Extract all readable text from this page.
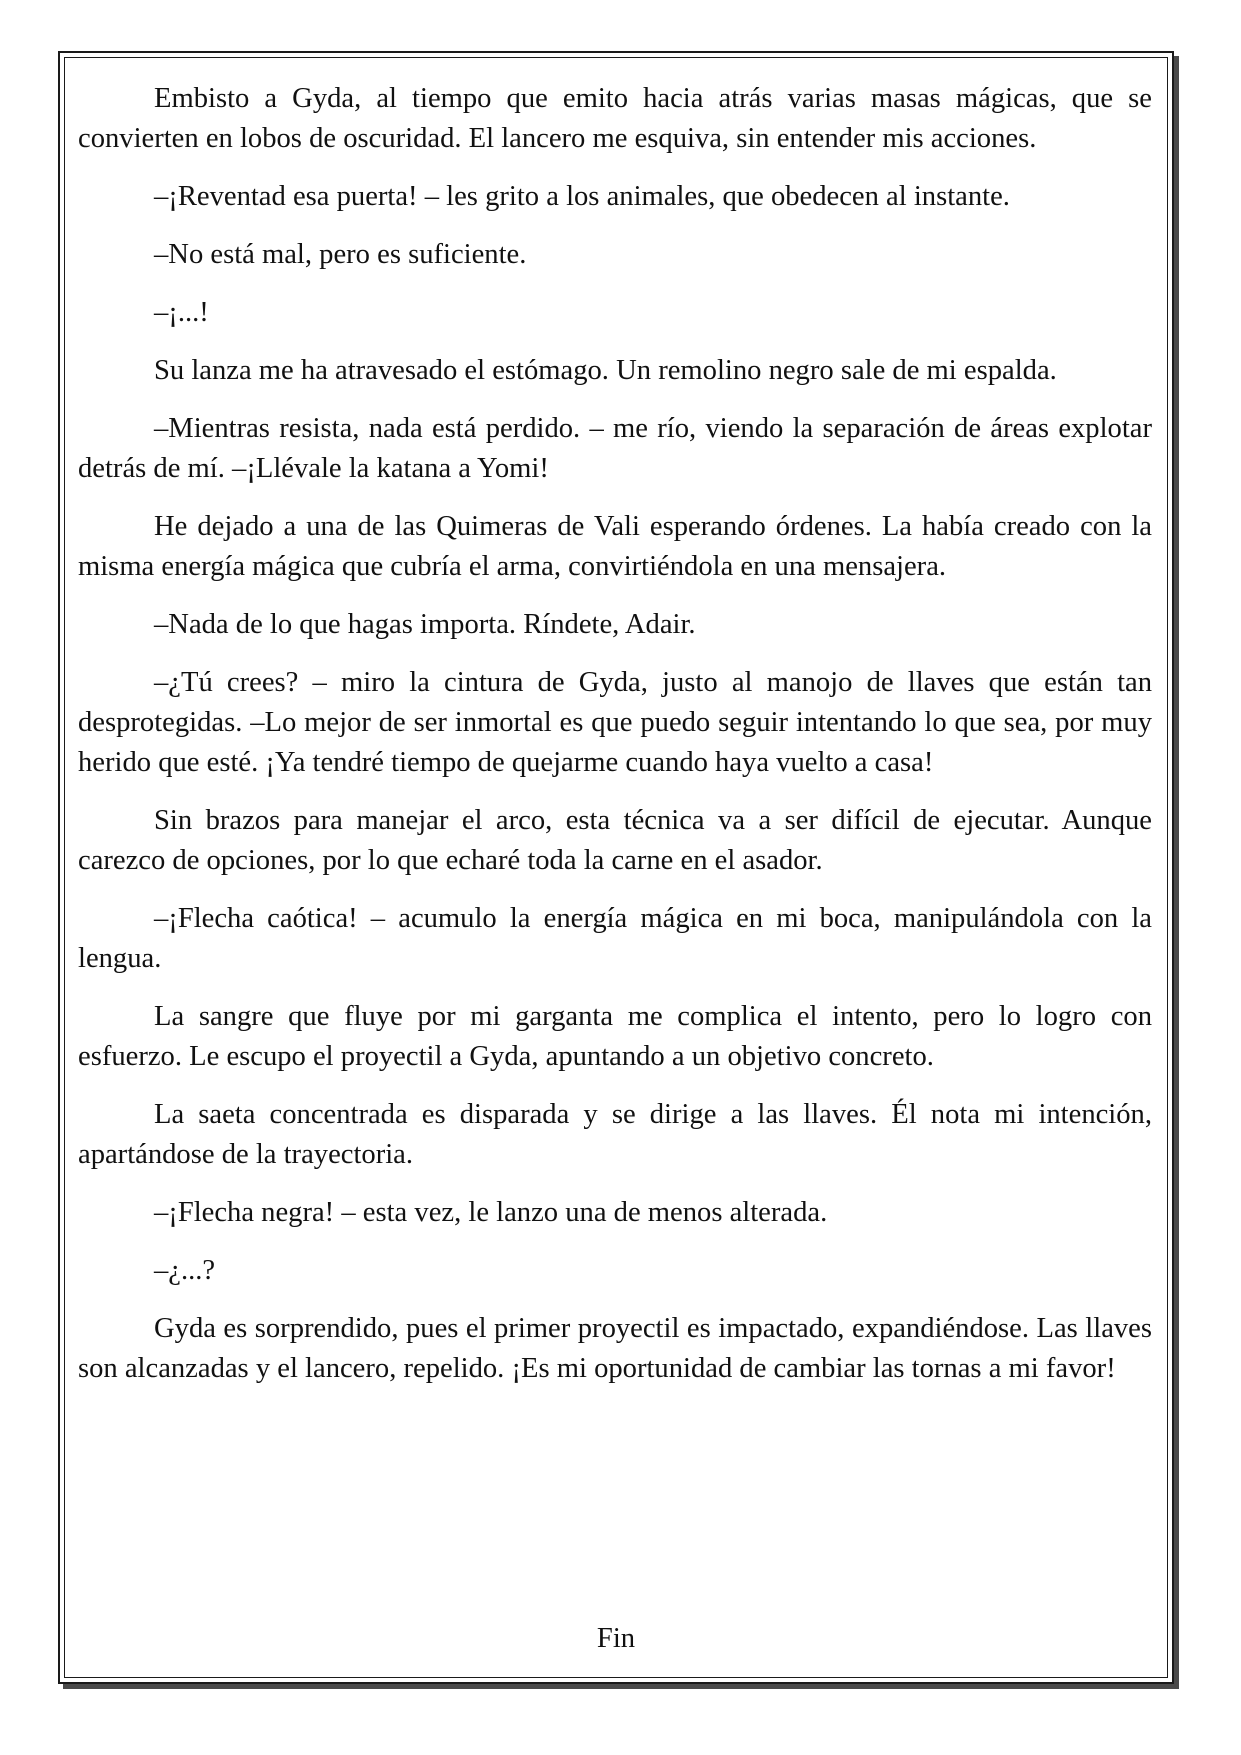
Embisto a Gyda, al tiempo que emito hacia atrás varias masas mágicas, que se convierten en lobos de oscuridad. El lancero me esquiva, sin entender mis acciones.

–¡Reventad esa puerta! – les grito a los animales, que obedecen al instante.

–No está mal, pero es suficiente.

–¡...!

Su lanza me ha atravesado el estómago. Un remolino negro sale de mi espalda.

–Mientras resista, nada está perdido. – me río, viendo la separación de áreas explotar detrás de mí. –¡Llévale la katana a Yomi!

He dejado a una de las Quimeras de Vali esperando órdenes. La había creado con la misma energía mágica que cubría el arma, convirtiéndola en una mensajera.

–Nada de lo que hagas importa. Ríndete, Adair.

–¿Tú crees? – miro la cintura de Gyda, justo al manojo de llaves que están tan desprotegidas. –Lo mejor de ser inmortal es que puedo seguir intentando lo que sea, por muy herido que esté. ¡Ya tendré tiempo de quejarme cuando haya vuelto a casa!

Sin brazos para manejar el arco, esta técnica va a ser difícil de ejecutar. Aunque carezco de opciones, por lo que echaré toda la carne en el asador.

–¡Flecha caótica! – acumulo la energía mágica en mi boca, manipulándola con la lengua.

La sangre que fluye por mi garganta me complica el intento, pero lo logro con esfuerzo. Le escupo el proyectil a Gyda, apuntando a un objetivo concreto.

La saeta concentrada es disparada y se dirige a las llaves. Él nota mi intención, apartándose de la trayectoria.

–¡Flecha negra! – esta vez, le lanzo una de menos alterada.

–¿...?

Gyda es sorprendido, pues el primer proyectil es impactado, expandiéndose. Las llaves son alcanzadas y el lancero, repelido. ¡Es mi oportunidad de cambiar las tornas a mi favor!

Fin
